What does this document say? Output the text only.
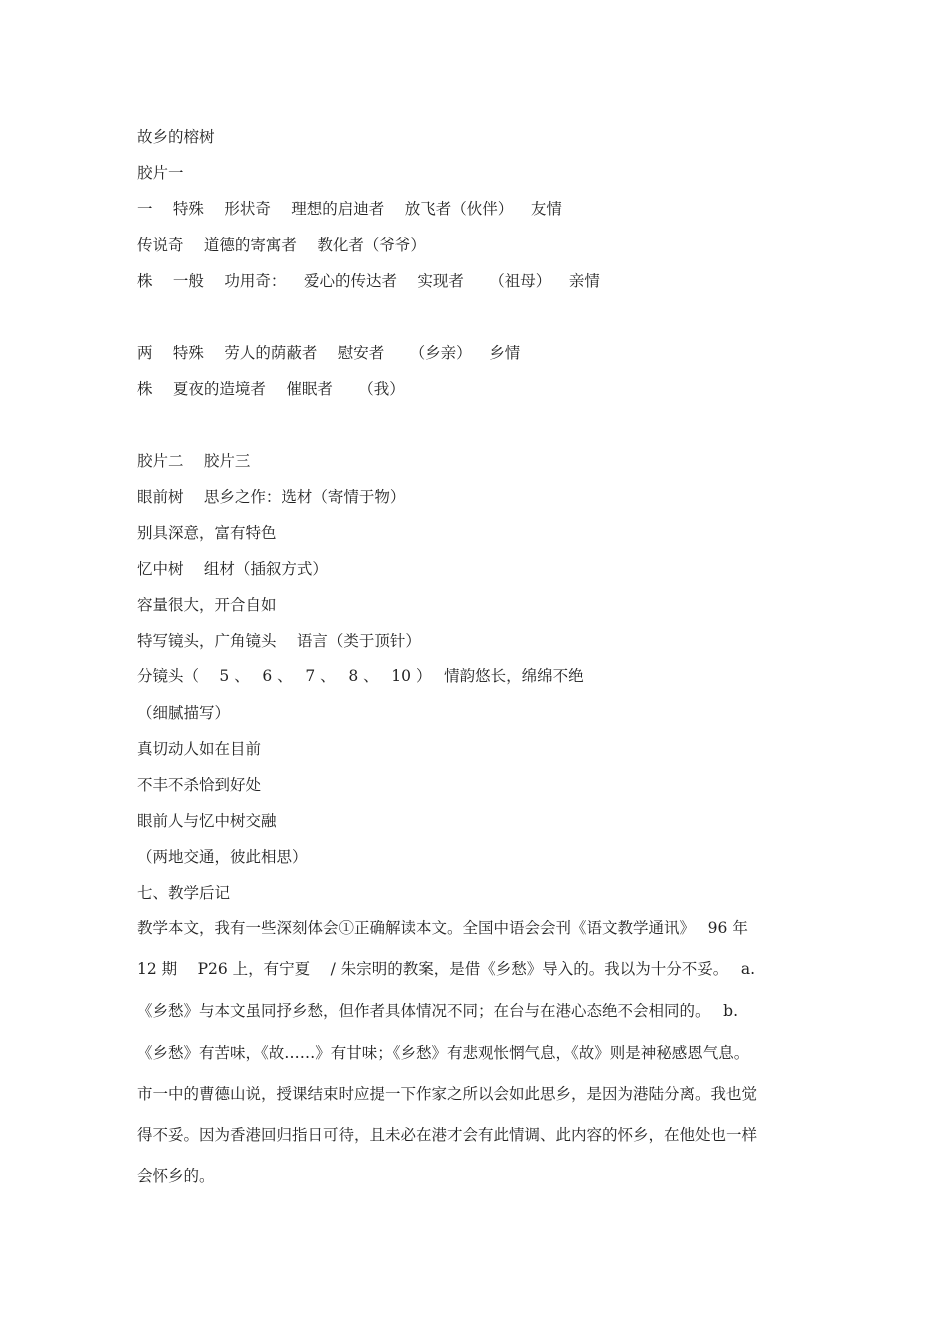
故乡的榕树
胶片一
一　 特殊　 形状奇　 理想的启迪者　 放飞者（伙伴）　  友情
传说奇　 道德的寄寓者　 教化者（爷爷）
株　 一般　 功用奇：　  爱心的传达者　 实现者　  （祖母）　  亲情
两　 特殊　 劳人的荫蔽者　 慰安者　  （乡亲）　  乡情
株　 夏夜的造境者　 催眠者　  （我）
胶片二　 胶片三
眼前树　 思乡之作：选材（寄情于物）
别具深意，富有特色
忆中树　 组材（插叙方式）
容量很大，开合自如
特写镜头，广角镜头　 语言（类于顶针）
分镜头（　 5 、　 6 、　 7 、　 8 、　 10 ）　 情韵悠长，绵绵不绝
（细腻描写）
真切动人如在目前
不丰不杀恰到好处
眼前人与忆中树交融
（两地交通，彼此相思）
七、教学后记
教学本文，我有一些深刻体会①正确解读本文。全国中语会会刊《语文教学通讯》　 96 年
12 期　 P26 上，有宁夏　 / 朱宗明的教案，是借《乡愁》导入的。我以为十分不妥。　 a.
《乡愁》与本文虽同抒乡愁，但作者具体情况不同；在台与在港心态绝不会相同的。　 b.
《乡愁》有苦味，《故……》有甘味；《乡愁》有悲观怅惘气息，《故》则是神秘感恩气息。
市一中的曹德山说，授课结束时应提一下作家之所以会如此思乡，是因为港陆分离。我也觉
得不妥。因为香港回归指日可待，且未必在港才会有此情调、此内容的怀乡，在他处也一样
会怀乡的。
